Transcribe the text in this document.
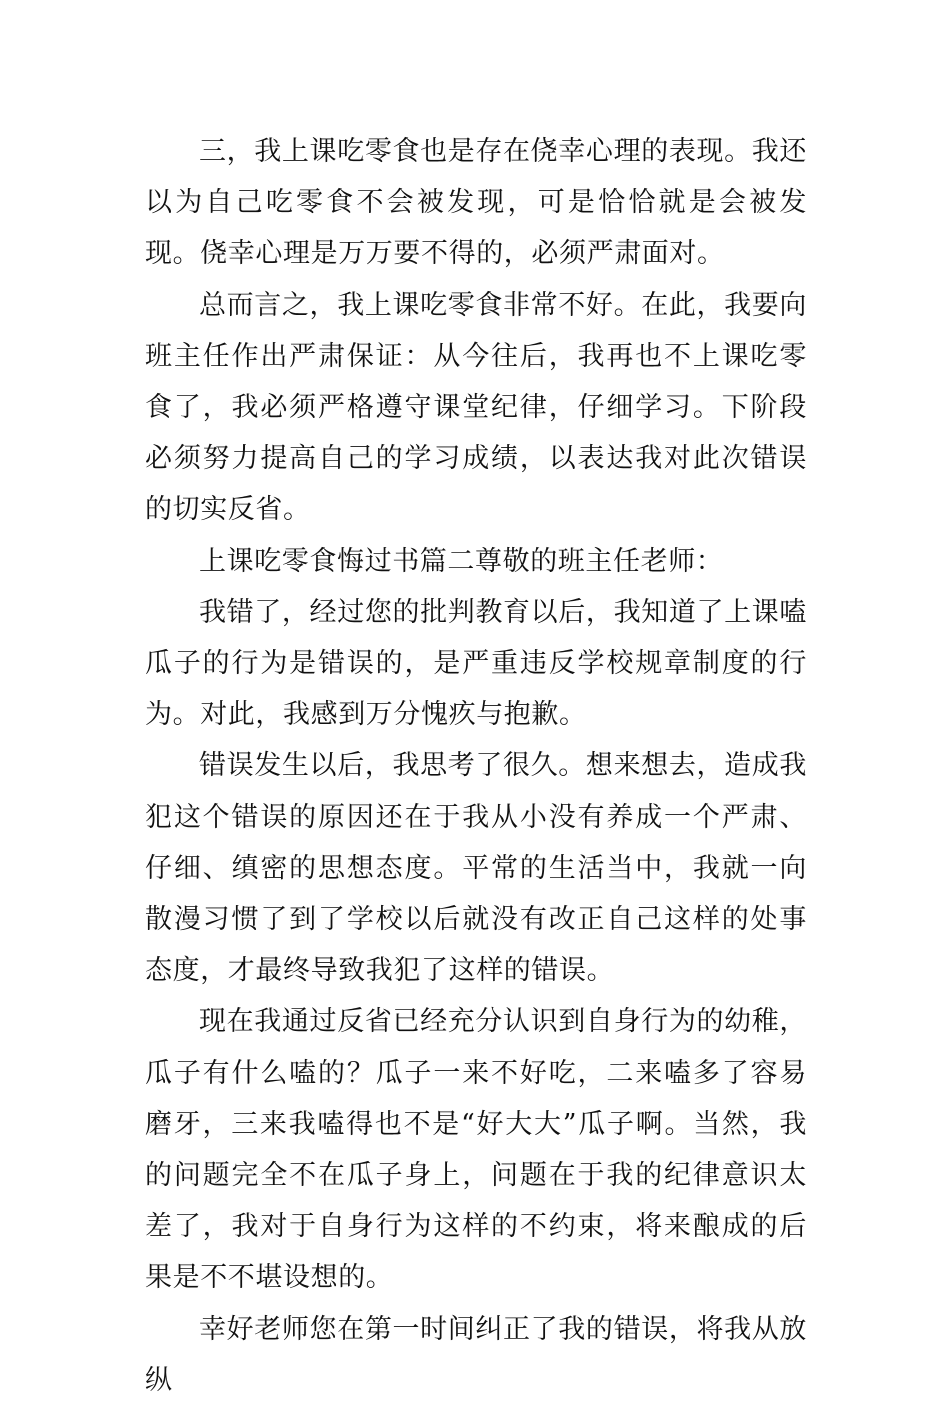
三，我上课吃零食也是存在侥幸心理的表现。我还以为自己吃零食不会被发现，可是恰恰就是会被发现。侥幸心理是万万要不得的，必须严肃面对。

总而言之，我上课吃零食非常不好。在此，我要向班主任作出严肃保证：从今往后，我再也不上课吃零食了，我必须严格遵守课堂纪律，仔细学习。下阶段必须努力提高自己的学习成绩，以表达我对此次错误的切实反省。

上课吃零食悔过书篇二尊敬的班主任老师：

我错了，经过您的批判教育以后，我知道了上课嗑瓜子的行为是错误的，是严重违反学校规章制度的行为。对此，我感到万分愧疚与抱歉。

错误发生以后，我思考了很久。想来想去，造成我犯这个错误的原因还在于我从小没有养成一个严肃、仔细、缜密的思想态度。平常的生活当中，我就一向散漫习惯了到了学校以后就没有改正自己这样的处事态度，才最终导致我犯了这样的错误。

现在我通过反省已经充分认识到自身行为的幼稚，瓜子有什么嗑的？瓜子一来不好吃，二来嗑多了容易磨牙，三来我嗑得也不是“好大大”瓜子啊。当然，我的问题完全不在瓜子身上，问题在于我的纪律意识太差了，我对于自身行为这样的不约束，将来酿成的后果是不不堪设想的。

幸好老师您在第一时间纠正了我的错误，将我从放纵
